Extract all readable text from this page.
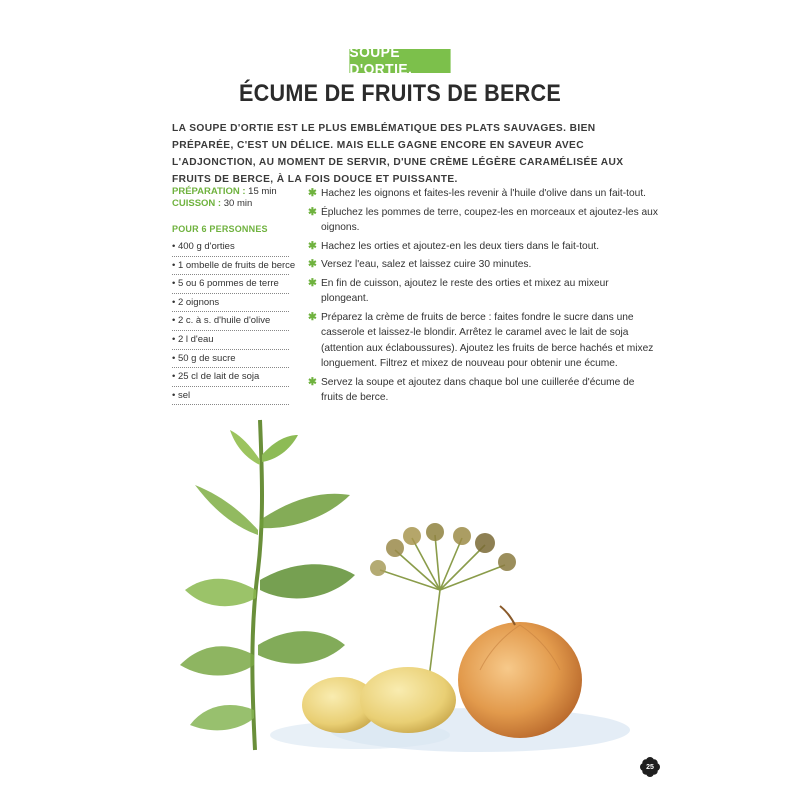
SOUPE D'ORTIE,
ÉCUME DE FRUITS DE BERCE
LA SOUPE D'ORTIE EST LE PLUS EMBLÉMATIQUE DES PLATS SAUVAGES. BIEN PRÉPARÉE, C'EST UN DÉLICE. MAIS ELLE GAGNE ENCORE EN SAVEUR AVEC L'ADJONCTION, AU MOMENT DE SERVIR, D'UNE CRÈME LÉGÈRE CARAMÉLISÉE AUX FRUITS DE BERCE, À LA FOIS DOUCE ET PUISSANTE.
PRÉPARATION : 15 min
CUISSON : 30 min
POUR 6 PERSONNES
• 400 g d'orties
• 1 ombelle de fruits de berce
• 5 ou 6 pommes de terre
• 2 oignons
• 2 c. à s. d'huile d'olive
• 2 l d'eau
• 50 g de sucre
• 25 cl de lait de soja
• sel
✱ Hachez les oignons et faites-les revenir à l'huile d'olive dans un fait-tout.
✱ Épluchez les pommes de terre, coupez-les en morceaux et ajoutez-les aux oignons.
✱ Hachez les orties et ajoutez-en les deux tiers dans le fait-tout.
✱ Versez l'eau, salez et laissez cuire 30 minutes.
✱ En fin de cuisson, ajoutez le reste des orties et mixez au mixeur plongeant.
✱ Préparez la crème de fruits de berce : faites fondre le sucre dans une casserole et laissez-le blondir. Arrêtez le caramel avec le lait de soja (attention aux éclaboussures). Ajoutez les fruits de berce hachés et mixez longuement. Filtrez et mixez de nouveau pour obtenir une écume.
✱ Servez la soupe et ajoutez dans chaque bol une cuillerée d'écume de fruits de berce.
25
